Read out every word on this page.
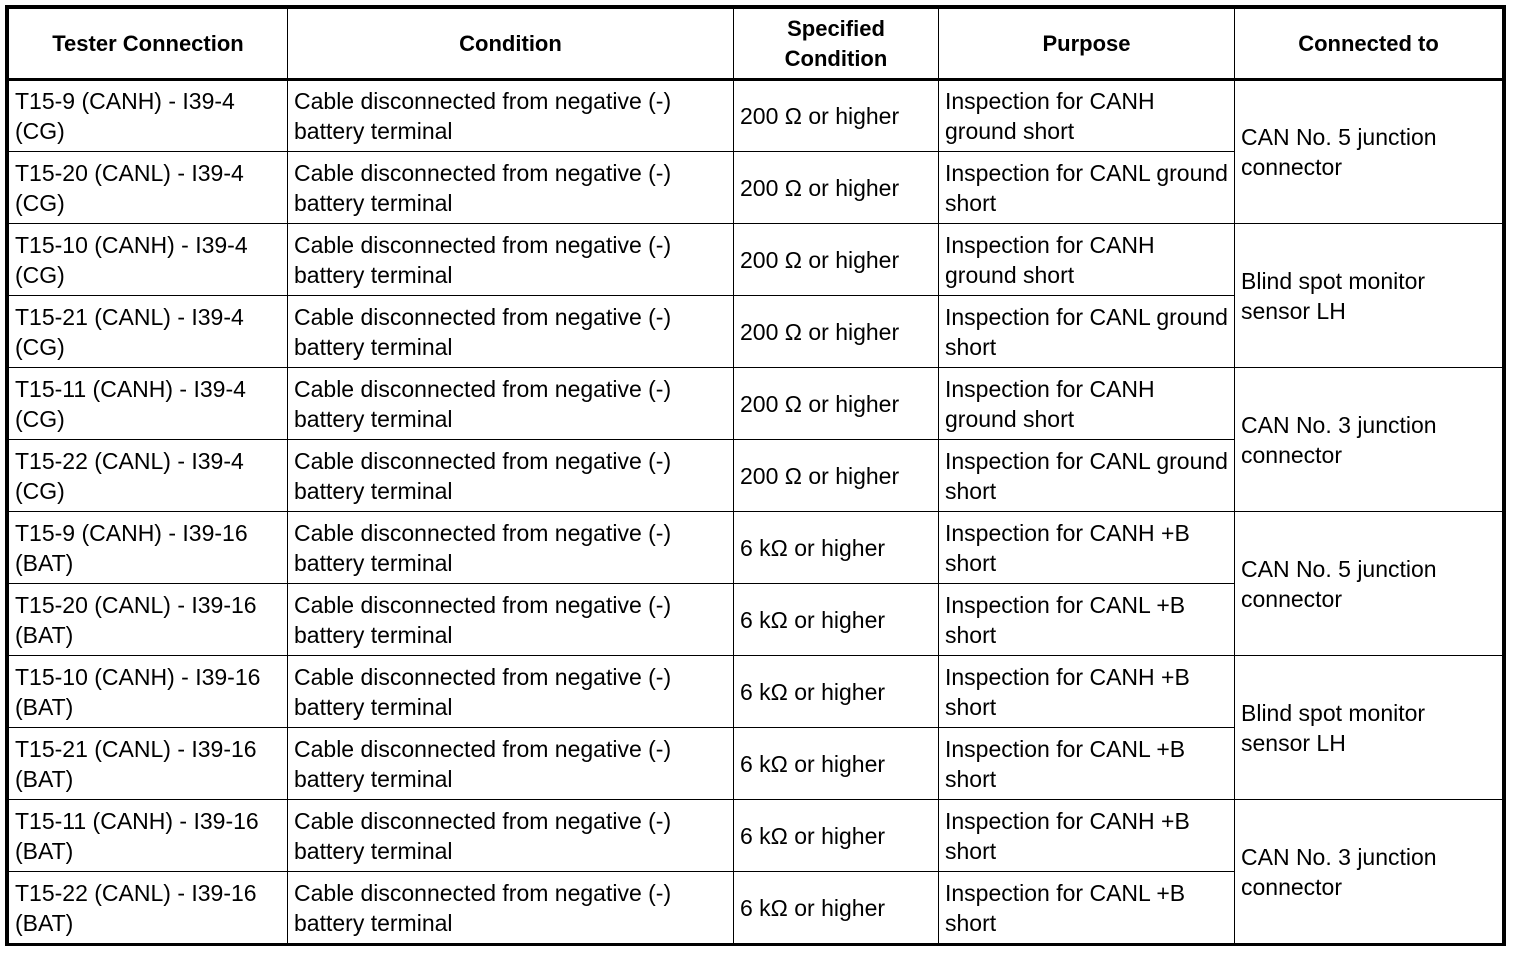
Tester Connection	Condition	Specified Condition	Purpose	Connected to
T15-9 (CANH) - I39-4 (CG)	Cable disconnected from negative (-) battery terminal	200 Ω or higher	Inspection for CANH ground short	CAN No. 5 junction connector
T15-20 (CANL) - I39-4 (CG)	Cable disconnected from negative (-) battery terminal	200 Ω or higher	Inspection for CANL ground short	
T15-10 (CANH) - I39-4 (CG)	Cable disconnected from negative (-) battery terminal	200 Ω or higher	Inspection for CANH ground short	Blind spot monitor sensor LH
T15-21 (CANL) - I39-4 (CG)	Cable disconnected from negative (-) battery terminal	200 Ω or higher	Inspection for CANL ground short	
T15-11 (CANH) - I39-4 (CG)	Cable disconnected from negative (-) battery terminal	200 Ω or higher	Inspection for CANH ground short	CAN No. 3 junction connector
T15-22 (CANL) - I39-4 (CG)	Cable disconnected from negative (-) battery terminal	200 Ω or higher	Inspection for CANL ground short	
T15-9 (CANH) - I39-16 (BAT)	Cable disconnected from negative (-) battery terminal	6 kΩ or higher	Inspection for CANH +B short	CAN No. 5 junction connector
T15-20 (CANL) - I39-16 (BAT)	Cable disconnected from negative (-) battery terminal	6 kΩ or higher	Inspection for CANL +B short	
T15-10 (CANH) - I39-16 (BAT)	Cable disconnected from negative (-) battery terminal	6 kΩ or higher	Inspection for CANH +B short	Blind spot monitor sensor LH
T15-21 (CANL) - I39-16 (BAT)	Cable disconnected from negative (-) battery terminal	6 kΩ or higher	Inspection for CANL +B short	
T15-11 (CANH) - I39-16 (BAT)	Cable disconnected from negative (-) battery terminal	6 kΩ or higher	Inspection for CANH +B short	CAN No. 3 junction connector
T15-22 (CANL) - I39-16 (BAT)	Cable disconnected from negative (-) battery terminal	6 kΩ or higher	Inspection for CANL +B short	
